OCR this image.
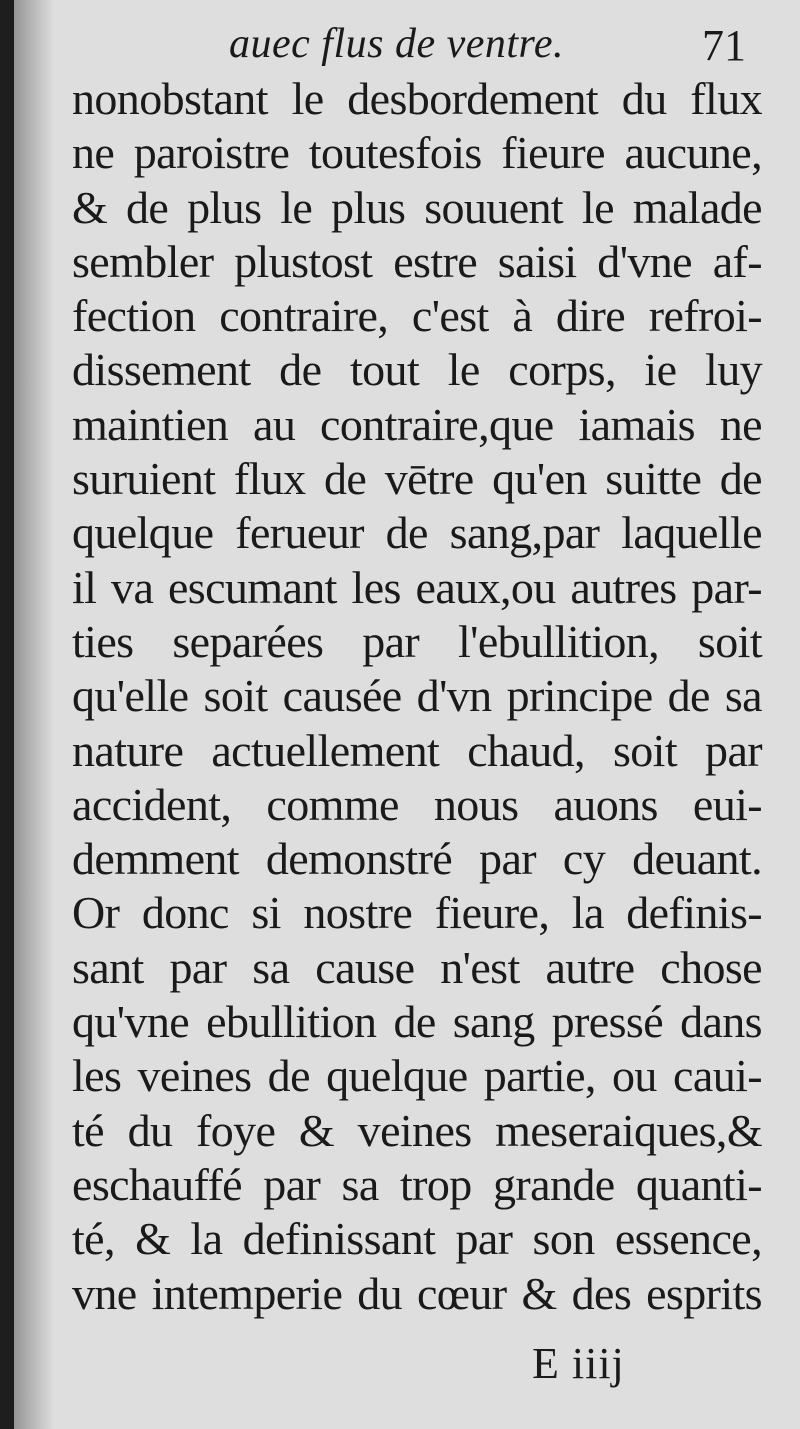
auec flus de ventre.	71
nonobstant le desbordement du flux
ne paroistre toutesfois fieure aucune,
& de plus le plus souuent le malade
sembler plustost estre saisi d'vne af-
fection contraire, c'est à dire refroi-
dissement de tout le corps, ie luy
maintien au contraire,que iamais ne
suruient flux de vētre qu'en suitte de
quelque ferueur de sang,par laquelle
il va escumant les eaux,ou autres par-
ties separées par l'ebullition, soit
qu'elle soit causée d'vn principe de sa
nature actuellement chaud, soit par
accident, comme nous auons eui-
demment demonstré par cy deuant.
Or donc si nostre fieure, la definis-
sant par sa cause n'est autre chose
qu'vne ebullition de sang pressé dans
les veines de quelque partie, ou caui-
té du foye & veines meseraiques,&
eschauffé par sa trop grande quanti-
té, & la definissant par son essence,
vne intemperie du cœur & des esprits
E iiij
